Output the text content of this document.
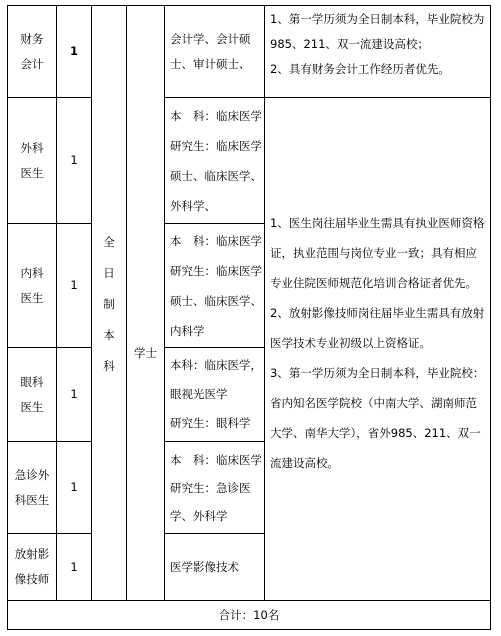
财务
会计
1
会计学、会计硕
士、审计硕士、
1、第一学历须为全日制本科，毕业院校为985、211、双一流建设高校；
2、具有财务会计工作经历者优先。
外科
医生
1
本　科：临床医学
研究生：临床医学
硕士、临床医学、
外科学、
内科
医生
1
本　科：临床医学
研究生：临床医学
硕士、临床医学、
内科学
眼科
医生
1
本科：临床医学，
眼视光医学
研究生：眼科学
急诊外
科医生
1
本　科：临床医学
研究生：急诊医
学、外科学
放射影
像技师
1	医学影像技术
全
日
制
本
科
学士
1、医生岗往届毕业生需具有执业医师资格证，执业范围与岗位专业一致；具有相应专业住院医师规范化培训合格证者优先。
2、放射影像技师岗往届毕业生需具有放射医学技术专业初级以上资格证。
3、第一学历须为全日制本科，毕业院校：省内知名医学院校（中南大学、湖南师范大学、南华大学），省外985、211、双一流建设高校。
合计：10名
